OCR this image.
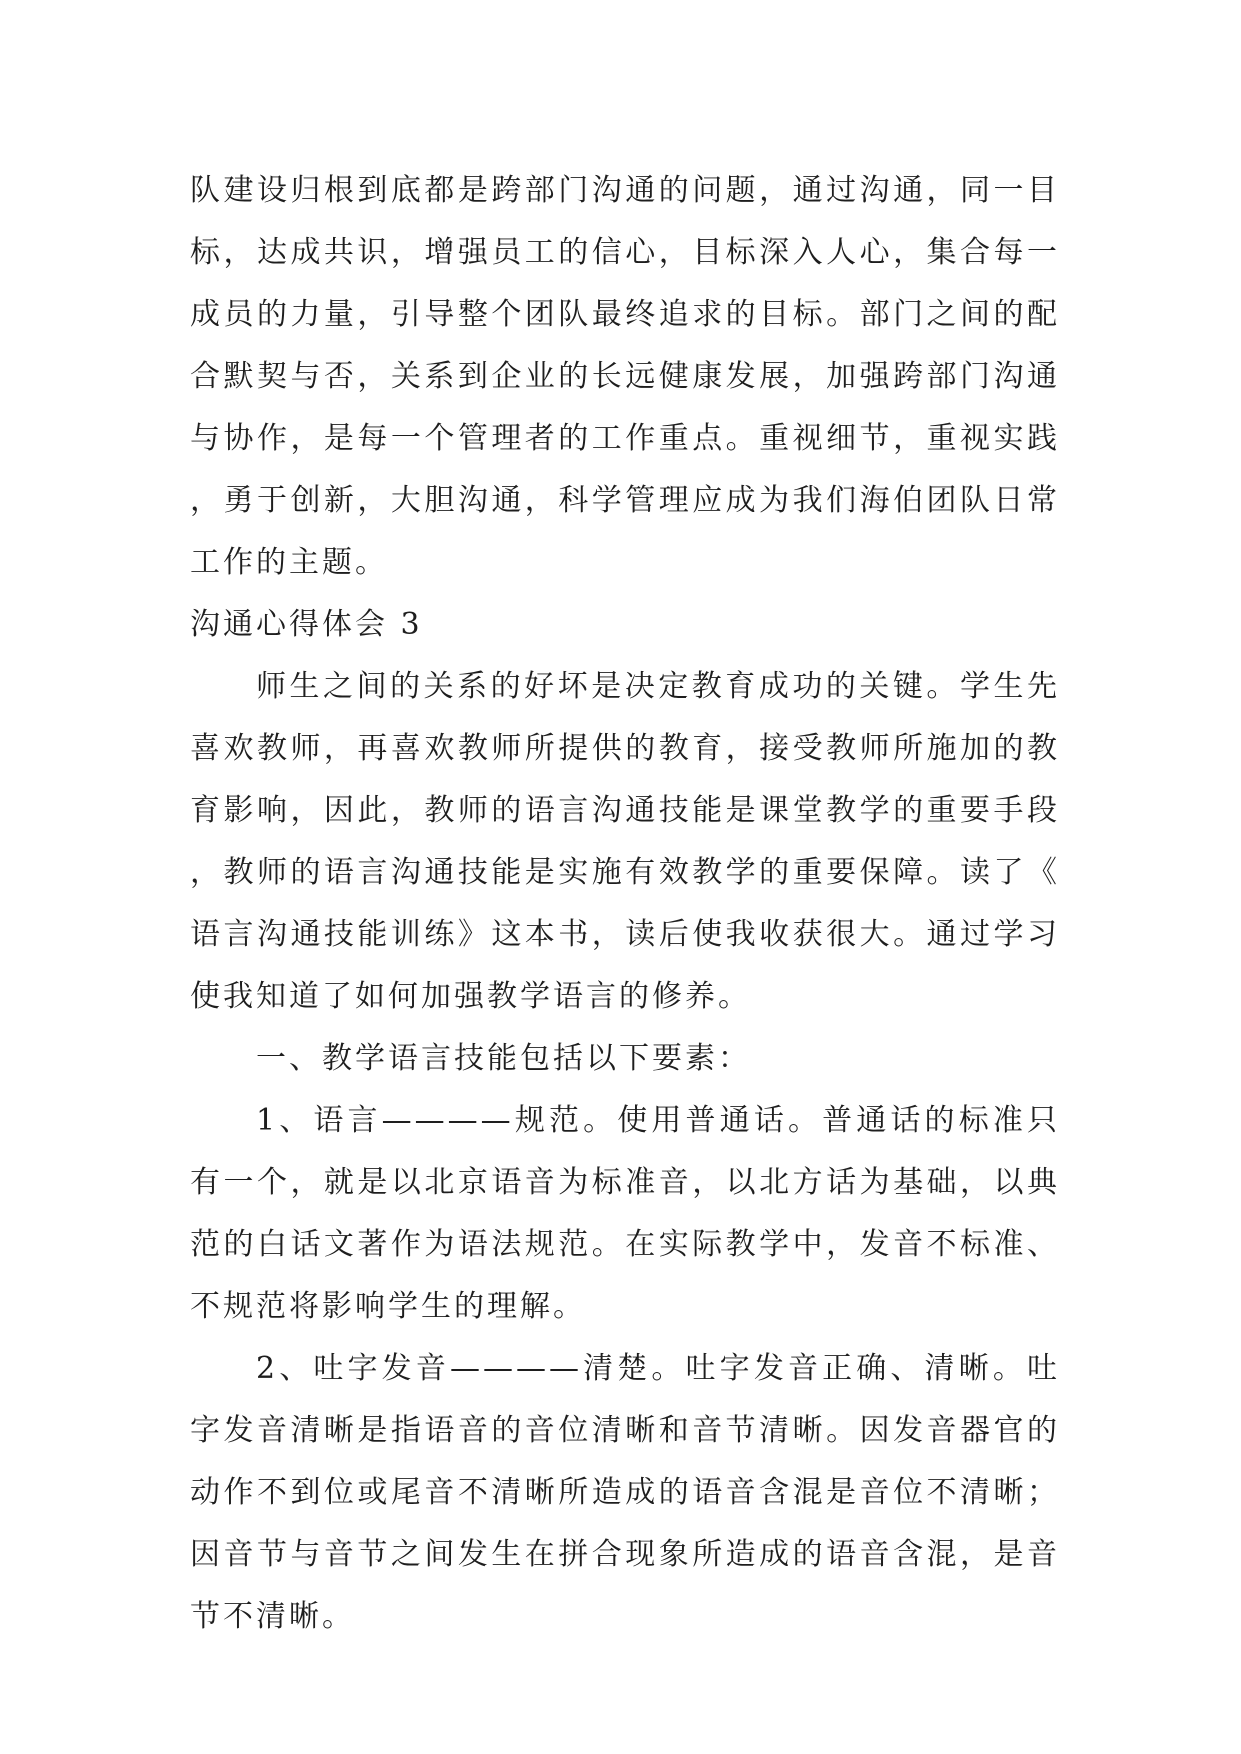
队建设归根到底都是跨部门沟通的问题，通过沟通，同一目标，达成共识，增强员工的信心，目标深入人心，集合每一成员的力量，引导整个团队最终追求的目标。部门之间的配合默契与否，关系到企业的长远健康发展，加强跨部门沟通与协作，是每一个管理者的工作重点。重视细节，重视实践，勇于创新，大胆沟通，科学管理应成为我们海伯团队日常工作的主题。

沟通心得体会 3

师生之间的关系的好坏是决定教育成功的关键。学生先喜欢教师，再喜欢教师所提供的教育，接受教师所施加的教育影响，因此，教师的语言沟通技能是课堂教学的重要手段，教师的语言沟通技能是实施有效教学的重要保障。读了《语言沟通技能训练》这本书，读后使我收获很大。通过学习使我知道了如何加强教学语言的修养。

一、教学语言技能包括以下要素：

1、语言————规范。使用普通话。普通话的标准只有一个，就是以北京语音为标准音，以北方话为基础，以典范的白话文著作为语法规范。在实际教学中，发音不标准、不规范将影响学生的理解。

2、吐字发音————清楚。吐字发音正确、清晰。吐字发音清晰是指语音的音位清晰和音节清晰。因发音器官的动作不到位或尾音不清晰所造成的语音含混是音位不清晰；因音节与音节之间发生在拼合现象所造成的语音含混，是音节不清晰。
